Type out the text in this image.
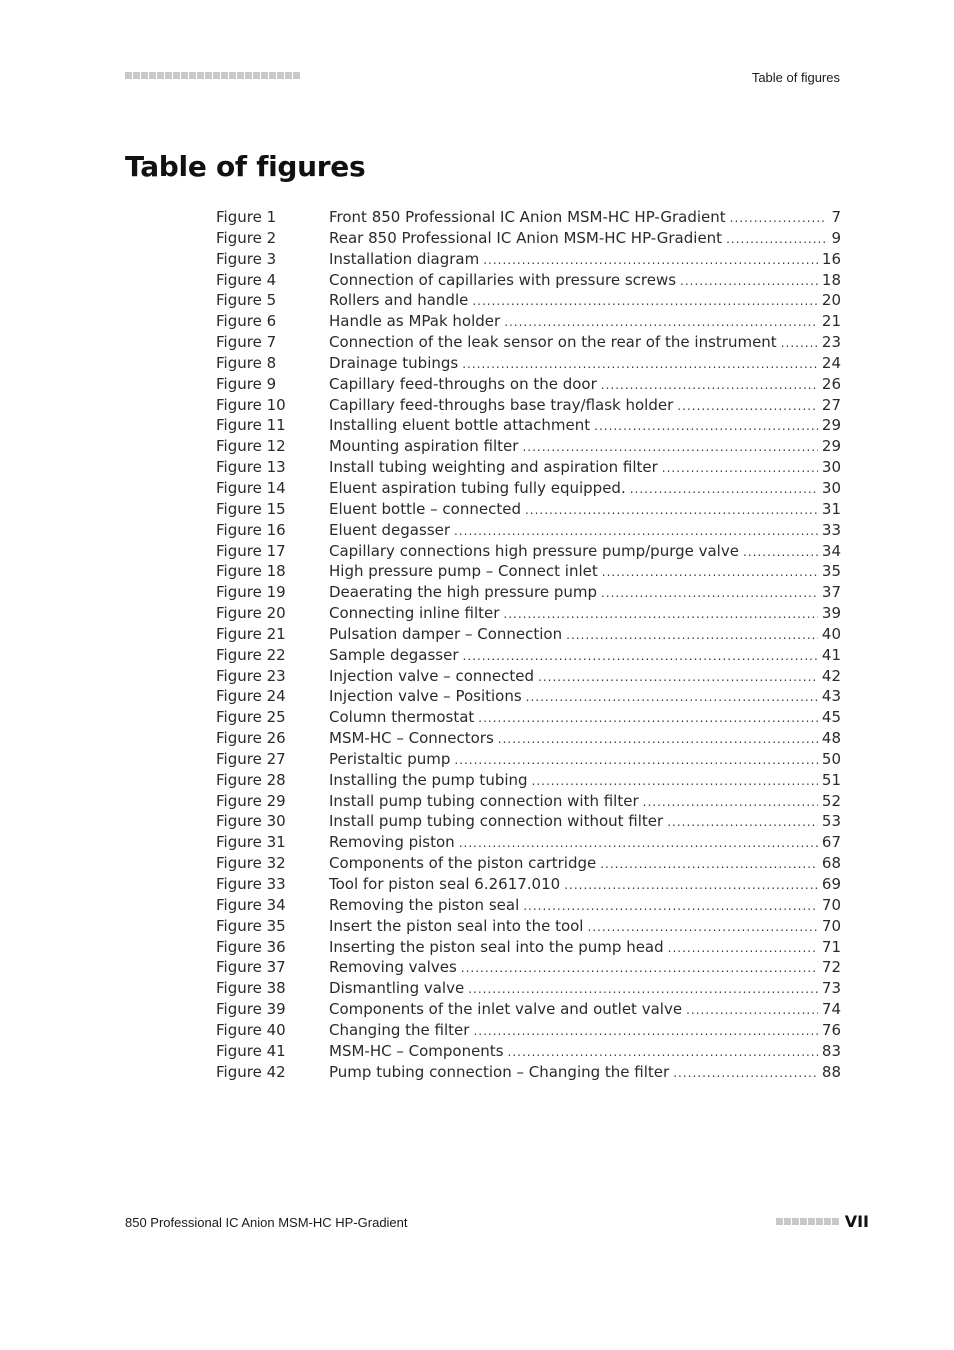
Table of figures
Table of figures
Figure 1	Front 850 Professional IC Anion MSM-HC HP-Gradient .....	7
Figure 2	Rear 850 Professional IC Anion MSM-HC HP-Gradient .....	9
Figure 3	Installation diagram .....	16
Figure 4	Connection of capillaries with pressure screws .....	18
Figure 5	Rollers and handle .....	20
Figure 6	Handle as MPak holder .....	21
Figure 7	Connection of the leak sensor on the rear of the instrument .....	23
Figure 8	Drainage tubings .....	24
Figure 9	Capillary feed-throughs on the door .....	26
Figure 10	Capillary feed-throughs base tray/flask holder .....	27
Figure 11	Installing eluent bottle attachment .....	29
Figure 12	Mounting aspiration filter .....	29
Figure 13	Install tubing weighting and aspiration filter .....	30
Figure 14	Eluent aspiration tubing fully equipped. .....	30
Figure 15	Eluent bottle – connected .....	31
Figure 16	Eluent degasser .....	33
Figure 17	Capillary connections high pressure pump/purge valve .....	34
Figure 18	High pressure pump – Connect inlet .....	35
Figure 19	Deaerating the high pressure pump .....	37
Figure 20	Connecting inline filter .....	39
Figure 21	Pulsation damper – Connection .....	40
Figure 22	Sample degasser .....	41
Figure 23	Injection valve – connected .....	42
Figure 24	Injection valve – Positions .....	43
Figure 25	Column thermostat .....	45
Figure 26	MSM-HC – Connectors .....	48
Figure 27	Peristaltic pump .....	50
Figure 28	Installing the pump tubing .....	51
Figure 29	Install pump tubing connection with filter .....	52
Figure 30	Install pump tubing connection without filter .....	53
Figure 31	Removing piston .....	67
Figure 32	Components of the piston cartridge .....	68
Figure 33	Tool for piston seal 6.2617.010 .....	69
Figure 34	Removing the piston seal .....	70
Figure 35	Insert the piston seal into the tool .....	70
Figure 36	Inserting the piston seal into the pump head .....	71
Figure 37	Removing valves .....	72
Figure 38	Dismantling valve .....	73
Figure 39	Components of the inlet valve and outlet valve .....	74
Figure 40	Changing the filter .....	76
Figure 41	MSM-HC – Components .....	83
Figure 42	Pump tubing connection – Changing the filter .....	88
850 Professional IC Anion MSM-HC HP-Gradient	VII
